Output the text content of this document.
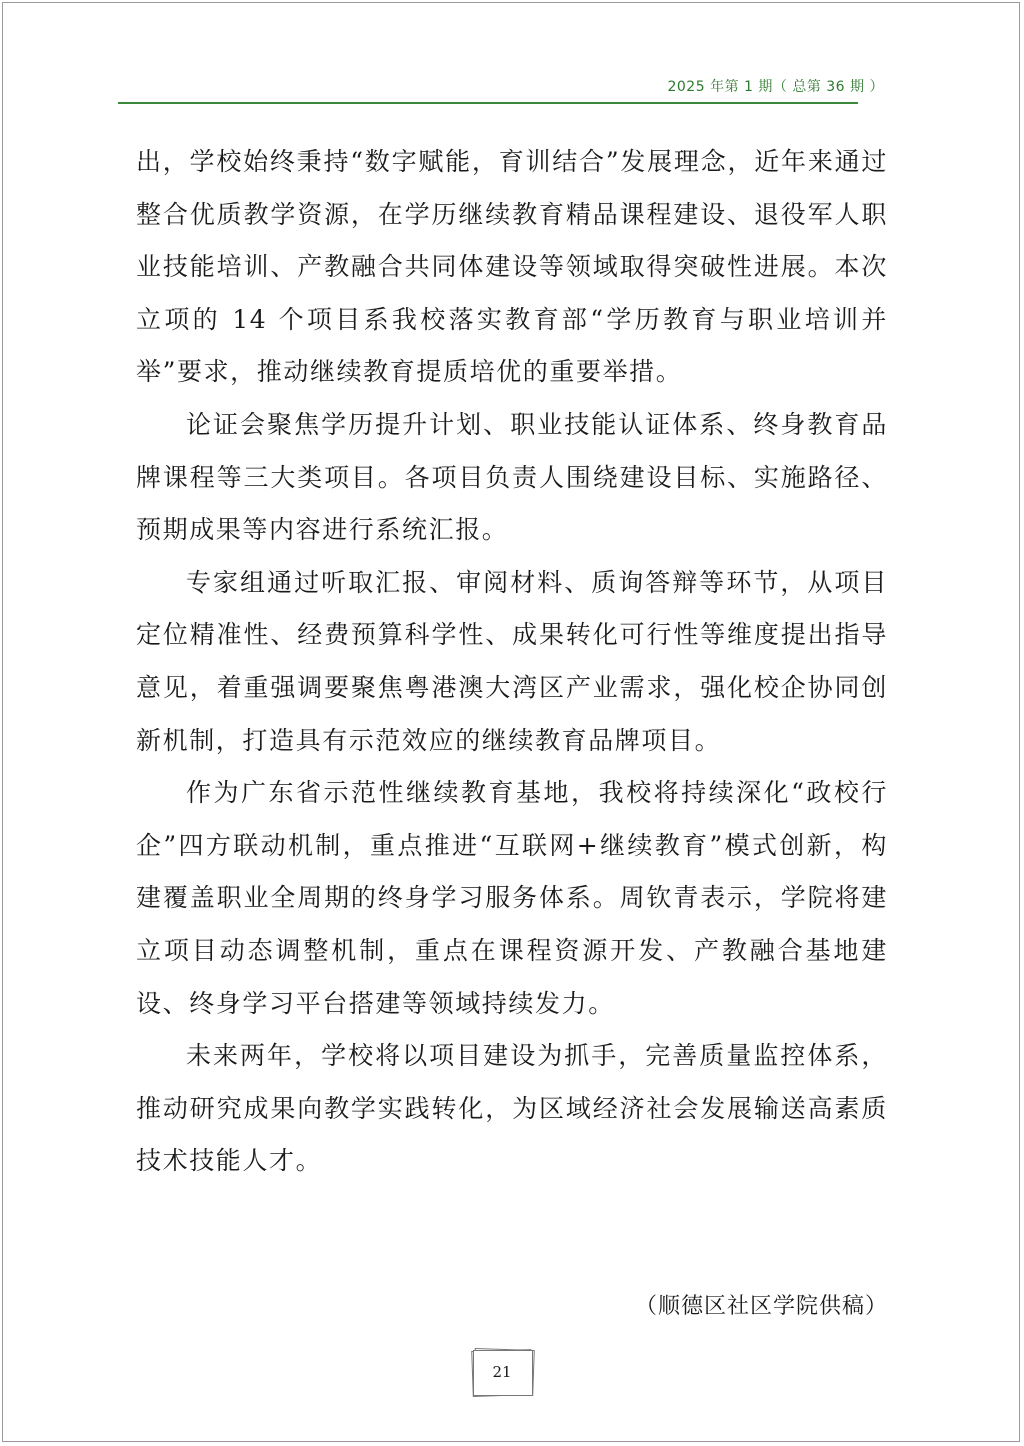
2025 年第 1 期（ 总第 36 期 ）

出，学校始终秉持“数字赋能，育训结合”发展理念，近年来通过整合优质教学资源，在学历继续教育精品课程建设、退役军人职业技能培训、产教融合共同体建设等领域取得突破性进展。本次立项的 14 个项目系我校落实教育部“学历教育与职业培训并举”要求，推动继续教育提质培优的重要举措。

论证会聚焦学历提升计划、职业技能认证体系、终身教育品牌课程等三大类项目。各项目负责人围绕建设目标、实施路径、预期成果等内容进行系统汇报。

专家组通过听取汇报、审阅材料、质询答辩等环节，从项目定位精准性、经费预算科学性、成果转化可行性等维度提出指导意见，着重强调要聚焦粤港澳大湾区产业需求，强化校企协同创新机制，打造具有示范效应的继续教育品牌项目。

作为广东省示范性继续教育基地，我校将持续深化“政校行企”四方联动机制，重点推进“互联网+继续教育”模式创新，构建覆盖职业全周期的终身学习服务体系。周钦青表示，学院将建立项目动态调整机制，重点在课程资源开发、产教融合基地建设、终身学习平台搭建等领域持续发力。

未来两年，学校将以项目建设为抓手，完善质量监控体系，推动研究成果向教学实践转化，为区域经济社会发展输送高素质技术技能人才。

（顺德区社区学院供稿）
21
